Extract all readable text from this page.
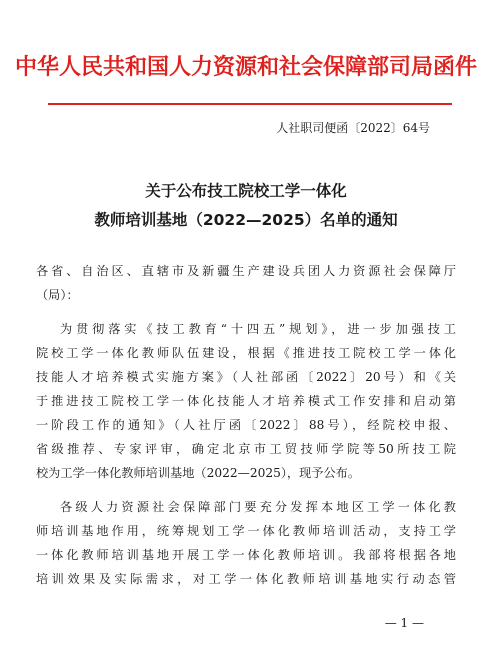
中华人民共和国人力资源和社会保障部司局函件
人社职司便函〔2022〕64号
关于公布技工院校工学一体化
教师培训基地（2022—2025）名单的通知
各省、自治区、直辖市及新疆生产建设兵团人力资源社会保障厅
（局）：
为贯彻落实《技工教育“十四五”规划》，进一步加强技工
院校工学一体化教师队伍建设，根据《推进技工院校工学一体化
技能人才培养模式实施方案》（人社部函〔2022〕20号）和《关
于推进技工院校工学一体化技能人才培养模式工作安排和启动第
一阶段工作的通知》（人社厅函〔2022〕88号），经院校申报、
省级推荐、专家评审，确定北京市工贸技师学院等50所技工院
校为工学一体化教师培训基地（2022—2025），现予公布。
各级人力资源社会保障部门要充分发挥本地区工学一体化教
师培训基地作用，统筹规划工学一体化教师培训活动，支持工学
一体化教师培训基地开展工学一体化教师培训。我部将根据各地
培训效果及实际需求，对工学一体化教师培训基地实行动态管
— 1 —
